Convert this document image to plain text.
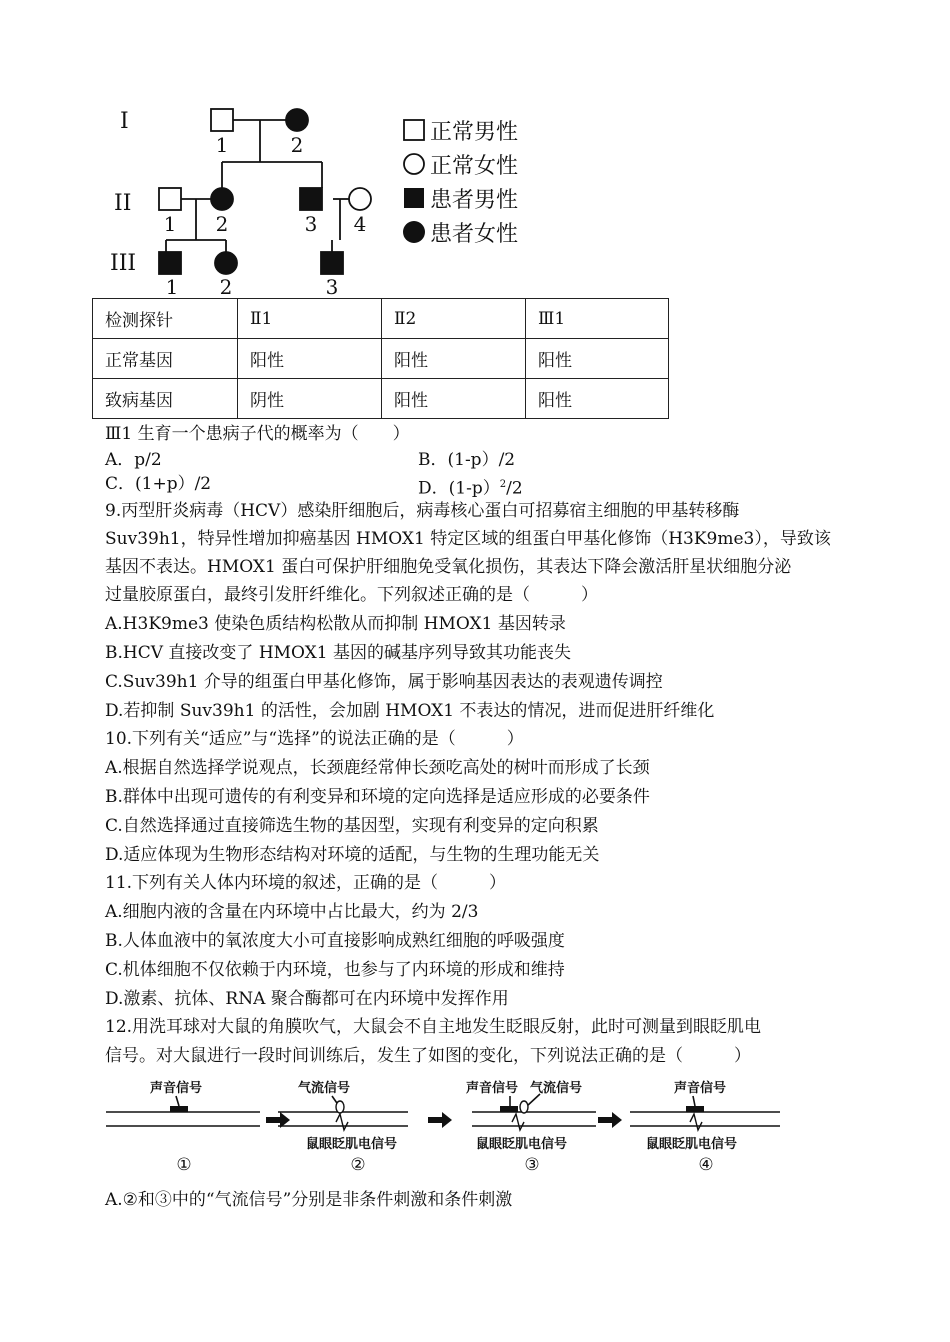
I
II
III
1	2
1 2	3 4
1 2	3
正常男性
正常女性
患者男性
患者女性
检测探针	Ⅱ1	Ⅱ2	Ⅲ1
正常基因	阳性	阳性	阳性
致病基因	阴性	阳性	阳性
Ⅲ1 生育一个患病子代的概率为（　　）
A．p/2	B．(1-p）/2
C．(1+p）/2	D．(1-p）$^2$/2
9.丙型肝炎病毒（HCV）感染肝细胞后，病毒核心蛋白可招募宿主细胞的甲基转移酶
Suv39h1，特异性增加抑癌基因 HMOX1 特定区域的组蛋白甲基化修饰（H3K9me3），导致该
基因不表达。HMOX1 蛋白可保护肝细胞免受氧化损伤，其表达下降会激活肝星状细胞分泌
过量胶原蛋白，最终引发肝纤维化。下列叙述正确的是（　　　）
A.H3K9me3 使染色质结构松散从而抑制 HMOX1 基因转录
B.HCV 直接改变了 HMOX1 基因的碱基序列导致其功能丧失
C.Suv39h1 介导的组蛋白甲基化修饰，属于影响基因表达的表观遗传调控
D.若抑制 Suv39h1 的活性，会加剧 HMOX1 不表达的情况，进而促进肝纤维化
10.下列有关“适应”与“选择”的说法正确的是（　　　）
A.根据自然选择学说观点，长颈鹿经常伸长颈吃高处的树叶而形成了长颈
B.群体中出现可遗传的有利变异和环境的定向选择是适应形成的必要条件
C.自然选择通过直接筛选生物的基因型，实现有利变异的定向积累
D.适应体现为生物形态结构对环境的适配，与生物的生理功能无关
11.下列有关人体内环境的叙述，正确的是（　　　）
A.细胞内液的含量在内环境中占比最大，约为 2/3
B.人体血液中的氧浓度大小可直接影响成熟红细胞的呼吸强度
C.机体细胞不仅依赖于内环境，也参与了内环境的形成和维持
D.激素、抗体、RNA 聚合酶都可在内环境中发挥作用
12.用洗耳球对大鼠的角膜吹气，大鼠会不自主地发生眨眼反射，此时可测量到眼眨肌电
信号。对大鼠进行一段时间训练后，发生了如图的变化，下列说法正确的是（　　　）
声音信号	气流信号
鼠眼眨肌电信号
声音信号 气流信号
鼠眼眨肌电信号
声音信号
鼠眼眨肌电信号
①	②	③	④
A.②和③中的“气流信号”分别是非条件刺激和条件刺激
